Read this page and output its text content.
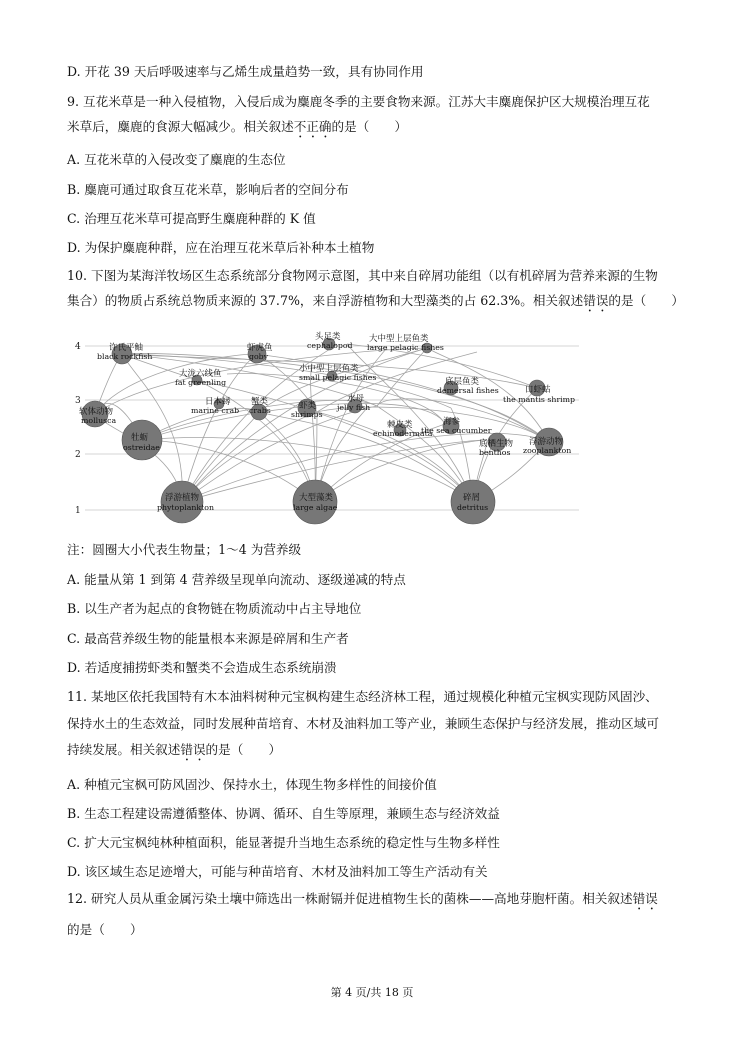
D. 开花 39 天后呼吸速率与乙烯生成量趋势一致，具有协同作用
9. 互花米草是一种入侵植物，入侵后成为麋鹿冬季的主要食物来源。江苏大丰麋鹿保护区大规模治理互花
米草后，麋鹿的食源大幅减少。相关叙述不正确的是（　　）
A. 互花米草的入侵改变了麋鹿的生态位
B. 麋鹿可通过取食互花米草，影响后者的空间分布
C. 治理互花米草可提高野生麋鹿种群的 K 值
D. 为保护麋鹿种群，应在治理互花米草后补种本土植物
10. 下图为某海洋牧场区生态系统部分食物网示意图，其中来自碎屑功能组（以有机碎屑为营养来源的生物
集合）的物质占系统总物质来源的 37.7%，来自浮游植物和大型藻类的占 62.3%。相关叙述错误的是（　　）
1
2
3
4	许氏平鲉
black rockfish
虾虎鱼
goby
头足类
cephalopod
大中型上层鱼类
large pelagic fishes
大泷六线鱼
fat greenling
小中型上层鱼类
small pelagic fishes	底层鱼类
demersal fishes	口虾蛄
the mantis shrimp
软体动物
mollusca
日本蟳
marine crab
蟹类
crabs	虾类
shrimps
水母
jelly fish
海参
the sea cucumber
棘皮类
echinodermata
牡蛎
ostreidae	底栖生物
benthos
浮游动物
zooplankton
浮游植物
phytoplankton
大型藻类
large algae
碎屑
detritus
注：圆圈大小代表生物量；1～4 为营养级
A. 能量从第 1 到第 4 营养级呈现单向流动、逐级递减的特点
B. 以生产者为起点的食物链在物质流动中占主导地位
C. 最高营养级生物的能量根本来源是碎屑和生产者
D. 若适度捕捞虾类和蟹类不会造成生态系统崩溃
11. 某地区依托我国特有木本油料树种元宝枫构建生态经济林工程，通过规模化种植元宝枫实现防风固沙、
保持水土的生态效益，同时发展种苗培育、木材及油料加工等产业，兼顾生态保护与经济发展，推动区域可
持续发展。相关叙述错误的是（　　）
A. 种植元宝枫可防风固沙、保持水土，体现生物多样性的间接价值
B. 生态工程建设需遵循整体、协调、循环、自生等原理，兼顾生态与经济效益
C. 扩大元宝枫纯林种植面积，能显著提升当地生态系统的稳定性与生物多样性
D. 该区域生态足迹增大，可能与种苗培育、木材及油料加工等生产活动有关
12. 研究人员从重金属污染土壤中筛选出一株耐镉并促进植物生长的菌株——高地芽胞杆菌。相关叙述错误
的是（　　）
第 4 页/共 18 页
